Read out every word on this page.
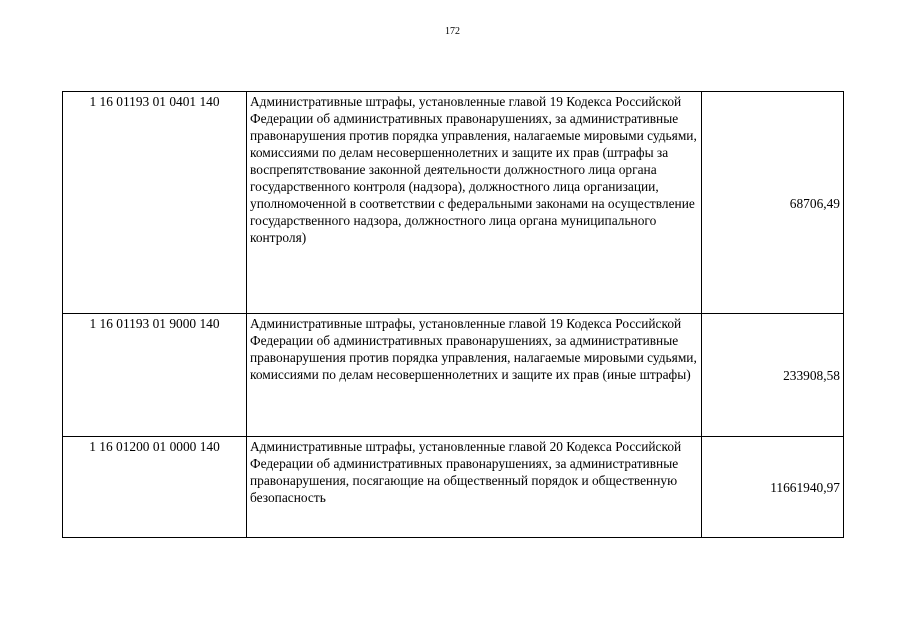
172
1 16 01193 01 0401 140	Административные штрафы, установленные главой 19 Кодекса Российской Федерации об административных правонарушениях, за административные правонарушения против порядка управления, налагаемые мировыми судьями, комиссиями по делам несовершеннолетних и защите их прав (штрафы за воспрепятствование законной деятельности должностного лица органа государственного контроля (надзора), должностного лица организации, уполномоченной в соответствии с федеральными законами на осуществление государственного надзора, должностного лица органа муниципального контроля)	68706,49
1 16 01193 01 9000 140	Административные штрафы, установленные главой 19 Кодекса Российской Федерации об административных правонарушениях, за административные правонарушения против порядка управления, налагаемые мировыми судьями, комиссиями по делам несовершеннолетних и защите их прав (иные штрафы)	233908,58
1 16 01200 01 0000 140	Административные штрафы, установленные главой 20 Кодекса Российской Федерации об административных правонарушениях, за административные правонарушения, посягающие на общественный порядок и общественную безопасность	11661940,97
